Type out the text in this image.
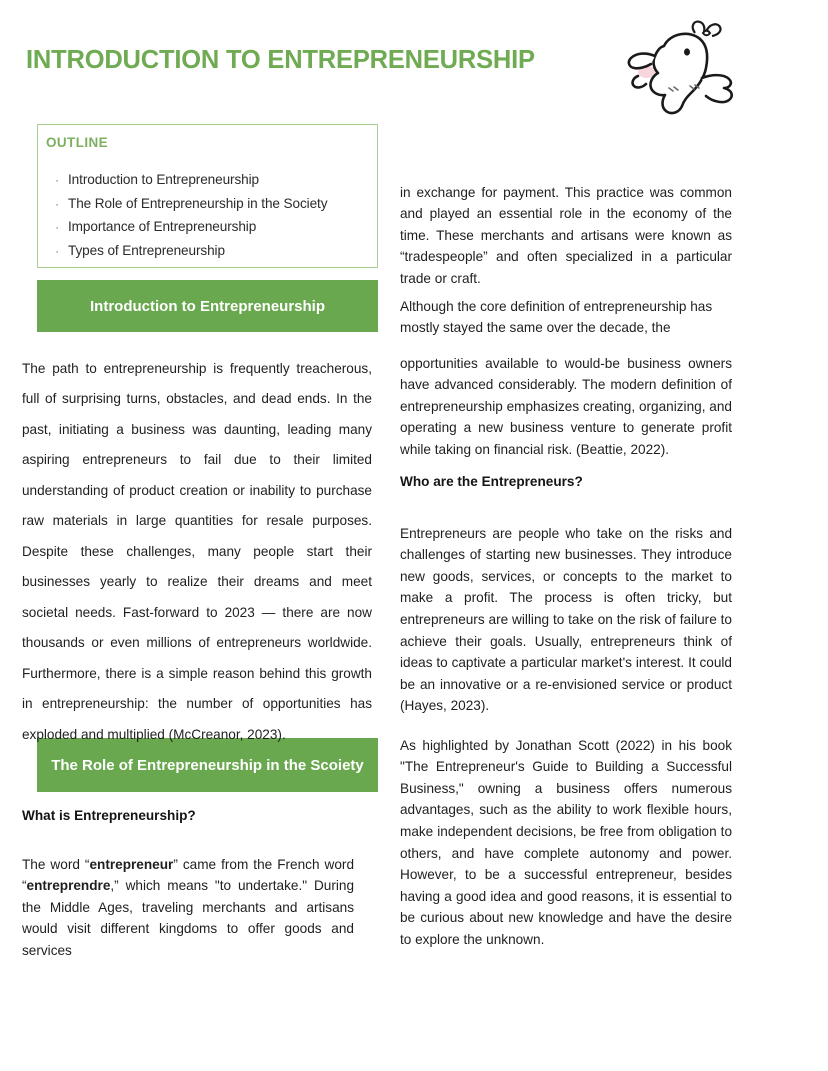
INTRODUCTION TO ENTREPRENEURSHIP
OUTLINE
· Introduction to Entrepreneurship
· The Role of Entrepreneurship in the Society
· Importance of Entrepreneurship
· Types of Entrepreneurship
Introduction to Entrepreneurship
The Role of Entrepreneurship in the Scoiety

The path to entrepreneurship is frequently treacherous, full of surprising turns, obstacles, and dead ends. In the past, initiating a business was daunting, leading many aspiring entrepreneurs to fail due to their limited understanding of product creation or inability to purchase raw materials in large quantities for resale purposes. Despite these challenges, many people start their businesses yearly to realize their dreams and meet societal needs. Fast-forward to 2023 — there are now thousands or even millions of entrepreneurs worldwide. Furthermore, there is a simple reason behind this growth in entrepreneurship: the number of opportunities has exploded and multiplied (McCreanor, 2023).

What is Entrepreneurship?

The word “entrepreneur” came from the French word “entreprendre,” which means "to undertake." During the Middle Ages, traveling merchants and artisans would visit different kingdoms to offer goods and services

in exchange for payment. This practice was common and played an essential role in the economy of the time. These merchants and artisans were known as “tradespeople” and often specialized in a particular trade or craft.

Although the core definition of entrepreneurship has mostly stayed the same over the decade, the

opportunities available to would-be business owners have advanced considerably. The modern definition of entrepreneurship emphasizes creating, organizing, and operating a new business venture to generate profit while taking on financial risk. (Beattie, 2022).

Who are the Entrepreneurs?

Entrepreneurs are people who take on the risks and challenges of starting new businesses. They introduce new goods, services, or concepts to the market to make a profit. The process is often tricky, but entrepreneurs are willing to take on the risk of failure to achieve their goals. Usually, entrepreneurs think of ideas to captivate a particular market's interest. It could be an innovative or a re-envisioned service or product (Hayes, 2023).

As highlighted by Jonathan Scott (2022) in his book "The Entrepreneur's Guide to Building a Successful Business," owning a business offers numerous advantages, such as the ability to work flexible hours, make independent decisions, be free from obligation to others, and have complete autonomy and power. However, to be a successful entrepreneur, besides having a good idea and good reasons, it is essential to be curious about new knowledge and have the desire to explore the unknown.
